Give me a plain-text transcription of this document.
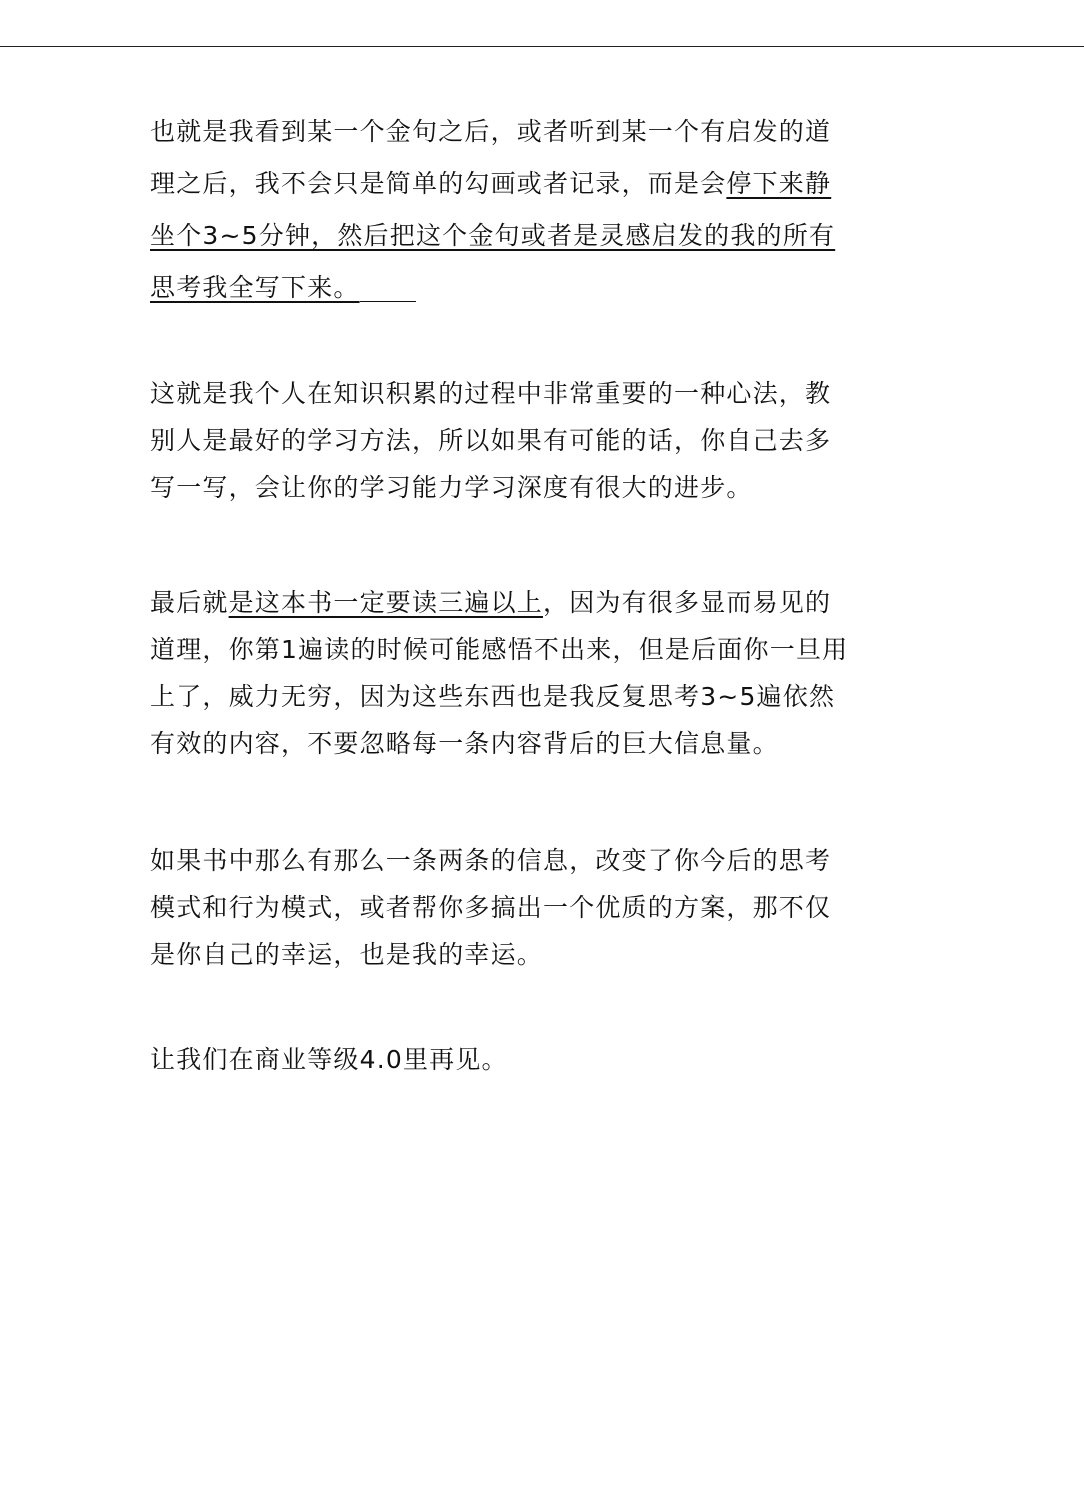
也就是我看到某一个金句之后，或者听到某一个有启发的道
理之后，我不会只是简单的勾画或者记录，而是会停下来静
坐个3~5分钟，然后把这个金句或者是灵感启发的我的所有
思考我全写下来。

这就是我个人在知识积累的过程中非常重要的一种心法，教
别人是最好的学习方法，所以如果有可能的话，你自己去多
写一写，会让你的学习能力学习深度有很大的进步。

最后就是这本书一定要读三遍以上，因为有很多显而易见的
道理，你第1遍读的时候可能感悟不出来，但是后面你一旦用
上了，威力无穷，因为这些东西也是我反复思考3~5遍依然
有效的内容，不要忽略每一条内容背后的巨大信息量。

如果书中那么有那么一条两条的信息，改变了你今后的思考
模式和行为模式，或者帮你多搞出一个优质的方案，那不仅
是你自己的幸运，也是我的幸运。

让我们在商业等级4.0里再见。
